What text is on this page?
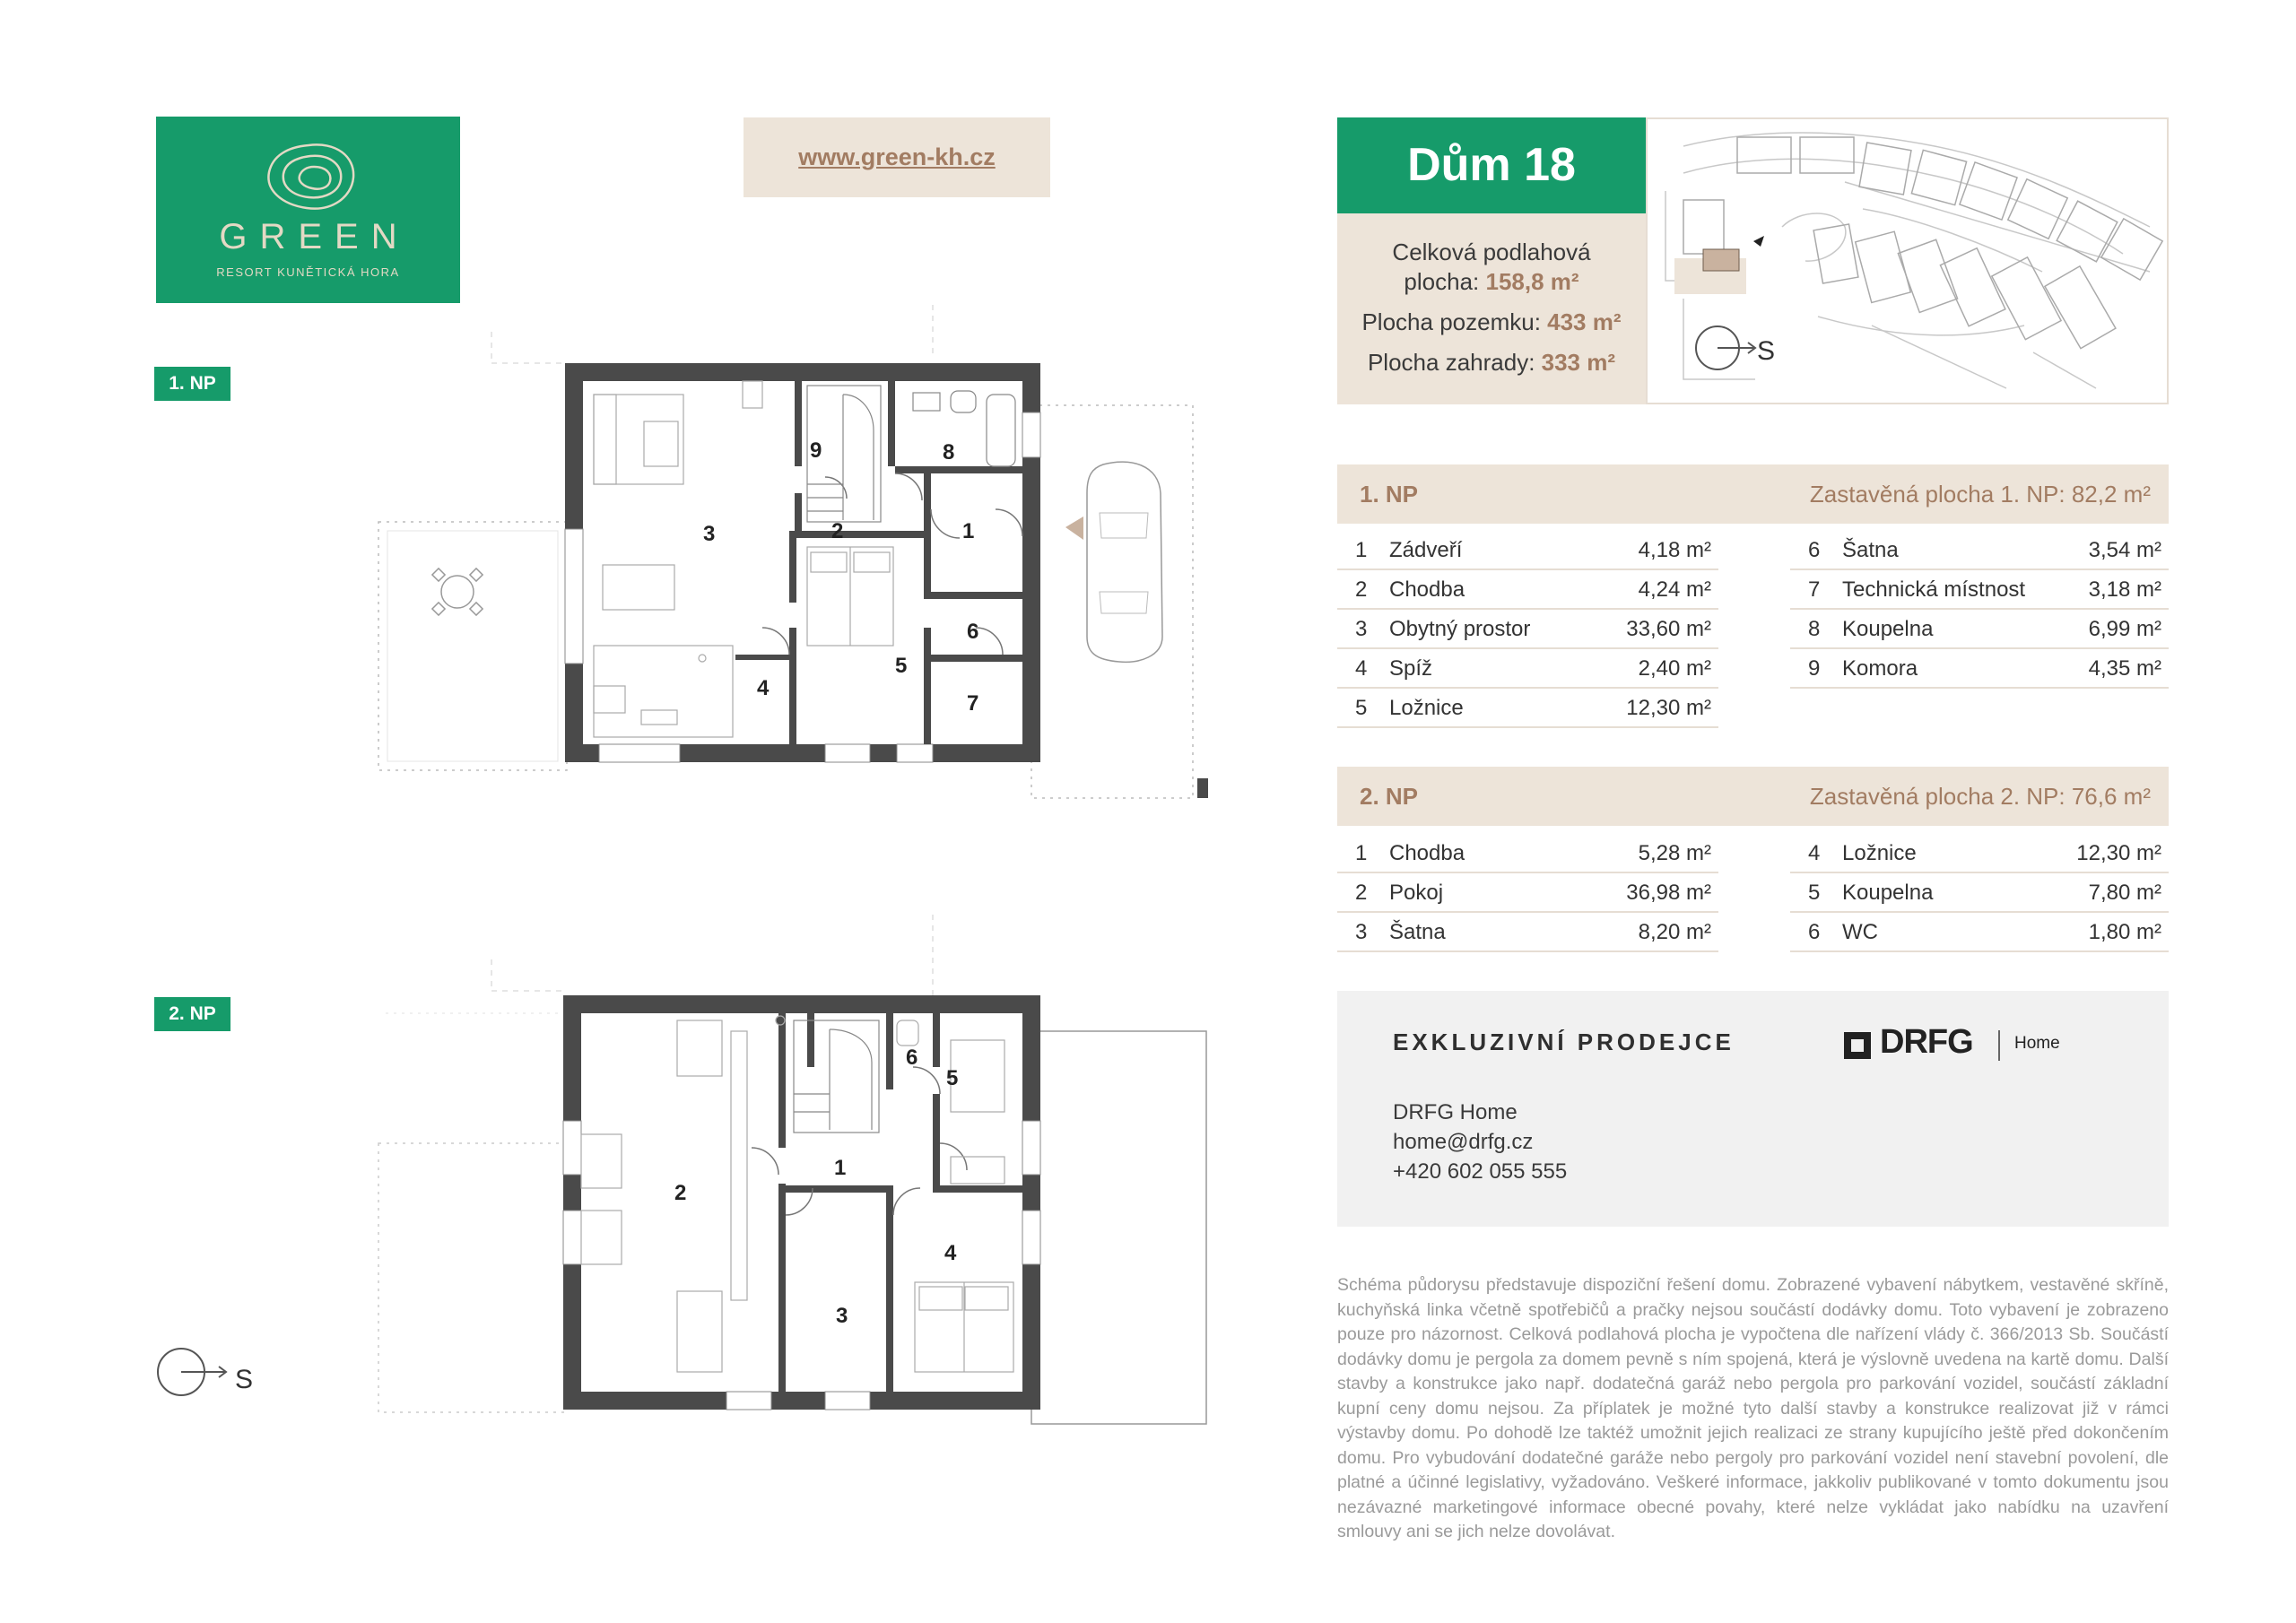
GREEN
RESORT KUNĚTICKÁ HORA
www.green-kh.cz
1. NP
2. NP
1
2
3
4
5
6
7
8
9
1
2
3
4
5
6
S
Dům 18
Celková podlahová
plocha: 158,8 m²
Plocha pozemku: 433 m²
Plocha zahrady: 333 m²	S
1. NP	Zastavěná plocha 1. NP: 82,2 m²
1 Zádveří	4,18 m²
2 Chodba	4,24 m²
3 Obytný prostor	33,60 m²
4 Spíž	2,40 m²
5 Ložnice	12,30 m²
6 Šatna	3,54 m²
7 Technická místnost	3,18 m²
8 Koupelna	6,99 m²
9 Komora	4,35 m²
2. NP	Zastavěná plocha 2. NP: 76,6 m²
1 Chodba	5,28 m²
2 Pokoj	36,98 m²
3 Šatna	8,20 m²
4 Ložnice	12,30 m²
5 Koupelna	7,80 m²
6 WC	1,80 m²
EXKLUZIVNÍ PRODEJCE	DRFG Home
DRFG Home
home@drfg.cz
+420 602 055 555
Schéma půdorysu představuje dispoziční řešení domu. Zobrazené vybavení nábytkem, vestavěné skříně, kuchyňská linka včetně spotřebičů a pračky nejsou součástí dodávky domu. Toto vybavení je zobrazeno pouze pro názornost. Celková podlahová plocha je vypočtena dle nařízení vlády č. 366/2013 Sb. Součástí dodávky domu je pergola za domem pevně s ním spojená, která je výslovně uvedena na kartě domu. Další stavby a konstrukce jako např. dodatečná garáž nebo pergola pro parkování vozidel, součástí základní kupní ceny domu nejsou. Za příplatek je možné tyto další stavby a konstrukce realizovat již v rámci výstavby domu. Po dohodě lze taktéž umožnit jejich realizaci ze strany kupujícího ještě před dokončením domu. Pro vybudování dodatečné garáže nebo pergoly pro parkování vozidel není stavební povolení, dle platné a účinné legislativy, vyžadováno. Veškeré informace, jakkoliv publikované v tomto dokumentu jsou nezávazné marketingové informace obecné povahy, které nelze vykládat jako nabídku na uzavření smlouvy ani se jich nelze dovolávat.
